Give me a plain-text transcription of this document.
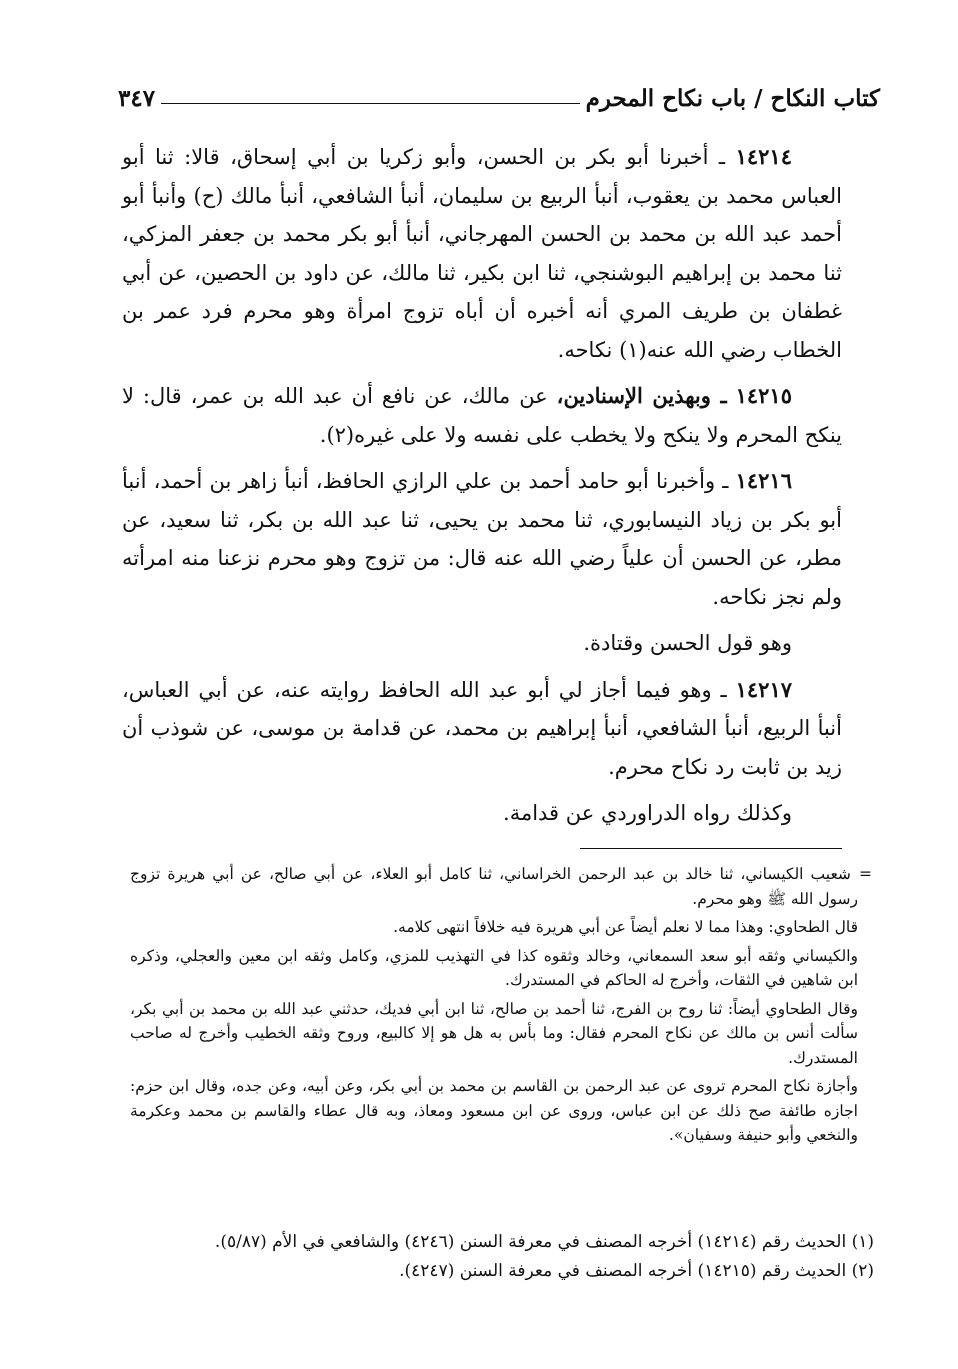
كتاب النكاح / باب نكاح المحرم
٣٤٧

١٤٢١٤ ـ أخبرنا أبو بكر بن الحسن، وأبو زكريا بن أبي إسحاق، قالا: ثنا أبو العباس محمد بن يعقوب، أنبأ الربيع بن سليمان، أنبأ الشافعي، أنبأ مالك (ح) وأنبأ أبو أحمد عبد الله بن محمد بن الحسن المهرجاني، أنبأ أبو بكر محمد بن جعفر المزكي، ثنا محمد بن إبراهيم البوشنجي، ثنا ابن بكير، ثنا مالك، عن داود بن الحصين، عن أبي غطفان بن طريف المري أنه أخبره أن أباه تزوج امرأة وهو محرم فرد عمر بن الخطاب رضي الله عنه(١) نكاحه.

١٤٢١٥ ـ وبهذين الإسنادين، عن مالك، عن نافع أن عبد الله بن عمر، قال: لا ينكح المحرم ولا ينكح ولا يخطب على نفسه ولا على غيره(٢).

١٤٢١٦ ـ وأخبرنا أبو حامد أحمد بن علي الرازي الحافظ، أنبأ زاهر بن أحمد، أنبأ أبو بكر بن زياد النيسابوري، ثنا محمد بن يحيى، ثنا عبد الله بن بكر، ثنا سعيد، عن مطر، عن الحسن أن علياً رضي الله عنه قال: من تزوج وهو محرم نزعنا منه امرأته ولم نجز نكاحه.

وهو قول الحسن وقتادة.

١٤٢١٧ ـ وهو فيما أجاز لي أبو عبد الله الحافظ روايته عنه، عن أبي العباس، أنبأ الربيع، أنبأ الشافعي، أنبأ إبراهيم بن محمد، عن قدامة بن موسى، عن شوذب أن زيد بن ثابت رد نكاح محرم.

وكذلك رواه الدراوردي عن قدامة.

= شعيب الكيساني، ثنا خالد بن عبد الرحمن الخراساني، ثنا كامل أبو العلاء، عن أبي صالح، عن أبي هريرة تزوج رسول الله ﷺ وهو محرم.

قال الطحاوي: وهذا مما لا نعلم أيضاً عن أبي هريرة فيه خلافاً انتهى كلامه.

والكيساني وثقه أبو سعد السمعاني، وخالد وثقوه كذا في التهذيب للمزي، وكامل وثقه ابن معين والعجلي، وذكره ابن شاهين في الثقات، وأخرج له الحاكم في المستدرك.

وقال الطحاوي أيضاً: ثنا روح بن الفرج، ثنا أحمد بن صالح، ثنا ابن أبي فديك، حدثني عبد الله بن محمد بن أبي بكر، سألت أنس بن مالك عن نكاح المحرم فقال: وما بأس به هل هو إلا كالبيع، وروح وثقه الخطيب وأخرج له صاحب المستدرك.

وأجازة نكاح المحرم تروى عن عبد الرحمن بن القاسم بن محمد بن أبي بكر، وعن أبيه، وعن جده، وقال ابن حزم: اجازه طائفة صح ذلك عن ابن عباس، وروى عن ابن مسعود ومعاذ، وبه قال عطاء والقاسم بن محمد وعكرمة والنخعي وأبو حنيفة وسفيان».

(١) الحديث رقم (١٤٢١٤) أخرجه المصنف في معرفة السنن (٤٢٤٦) والشافعي في الأم (٥/٨٧).

(٢) الحديث رقم (١٤٢١٥) أخرجه المصنف في معرفة السنن (٤٢٤٧).
